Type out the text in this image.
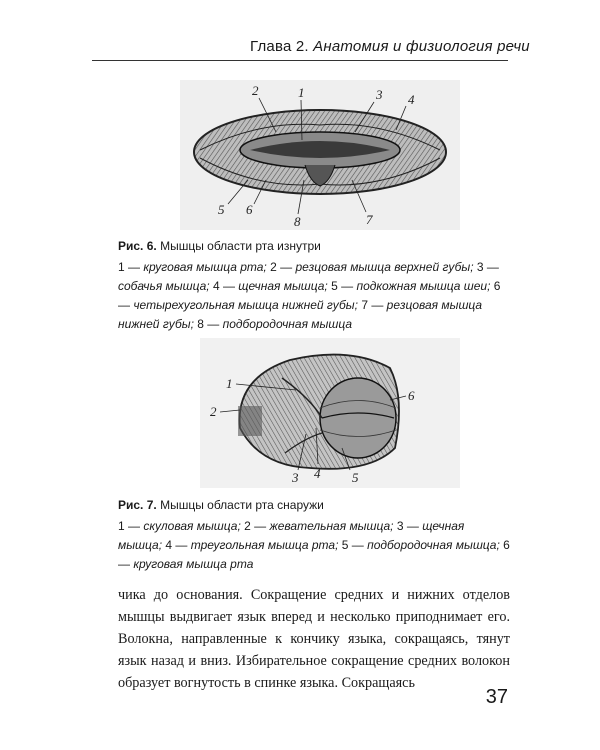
Глава 2. Анатомия и физиология речи
1
2	3 4
5 6
7
8
Рис. 6. Мышцы области рта изнутри
1 — круговая мышца рта; 2 — резцовая мышца верхней губы; 3 — собачья мышца; 4 — щечная мышца; 5 — подкожная мышца шеи; 6 — четырехугольная мышца нижней губы; 7 — резцовая мышца нижней губы; 8 — подбородочная мышца
1
2
3 4 5
6
Рис. 7. Мышцы области рта снаружи
1 — скуловая мышца; 2 — жевательная мышца; 3 — щечная мышца; 4 — треугольная мышца рта; 5 — подбородочная мышца; 6 — круговая мышца рта
чика до основания. Сокращение средних и нижних отделов мышцы выдвигает язык вперед и несколько приподнимает его. Волокна, направленные к кончику языка, сокращаясь, тянут язык назад и вниз. Избирательное сокращение средних волокон образует вогнутость в спинке языка. Сокращаясь
37
